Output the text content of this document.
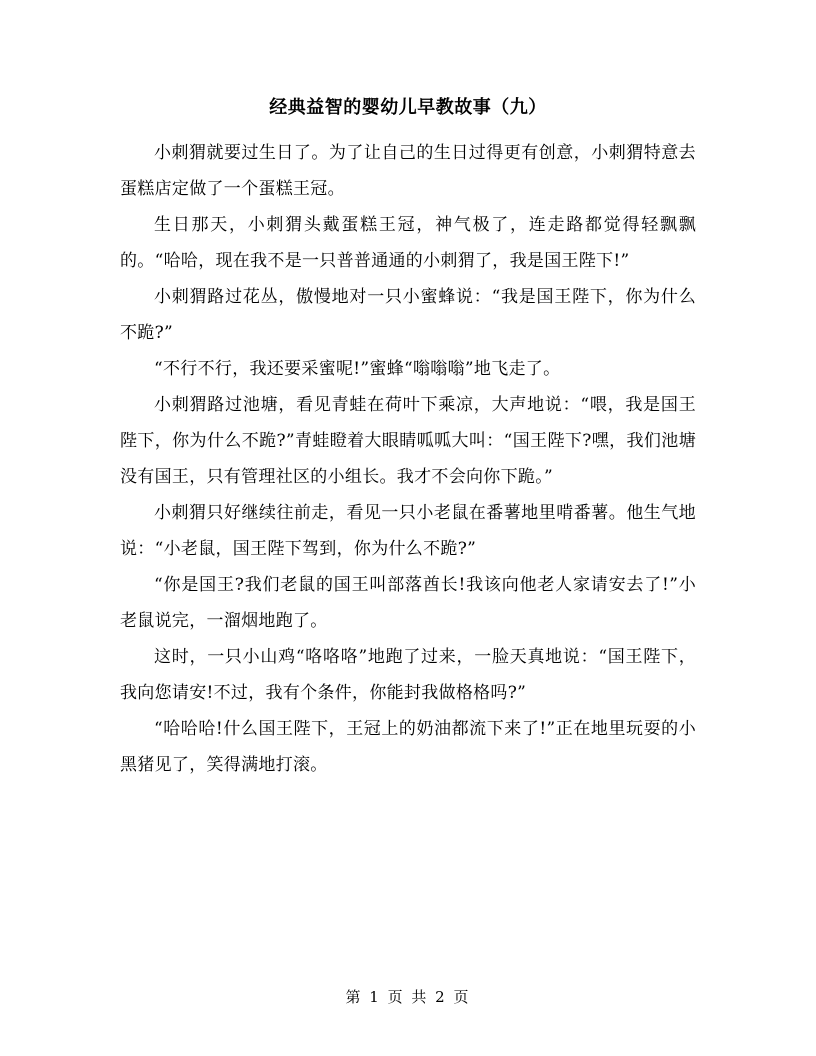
经典益智的婴幼儿早教故事（九）

小刺猬就要过生日了。为了让自己的生日过得更有创意，小刺猬特意去蛋糕店定做了一个蛋糕王冠。

生日那天，小刺猬头戴蛋糕王冠，神气极了，连走路都觉得轻飘飘的。“哈哈，现在我不是一只普普通通的小刺猬了，我是国王陛下!”

小刺猬路过花丛，傲慢地对一只小蜜蜂说：“我是国王陛下，你为什么不跪?”

“不行不行，我还要采蜜呢!”蜜蜂“嗡嗡嗡”地飞走了。

小刺猬路过池塘，看见青蛙在荷叶下乘凉，大声地说：“喂，我是国王陛下，你为什么不跪?”青蛙瞪着大眼睛呱呱大叫：“国王陛下?嘿，我们池塘没有国王，只有管理社区的小组长。我才不会向你下跪。”

小刺猬只好继续往前走，看见一只小老鼠在番薯地里啃番薯。他生气地说：“小老鼠，国王陛下驾到，你为什么不跪?”

“你是国王?我们老鼠的国王叫部落酋长!我该向他老人家请安去了!”小老鼠说完，一溜烟地跑了。

这时，一只小山鸡“咯咯咯”地跑了过来，一脸天真地说：“国王陛下，我向您请安!不过，我有个条件，你能封我做格格吗?”

“哈哈哈!什么国王陛下，王冠上的奶油都流下来了!”正在地里玩耍的小黑猪见了，笑得满地打滚。

第 1 页 共 2 页
